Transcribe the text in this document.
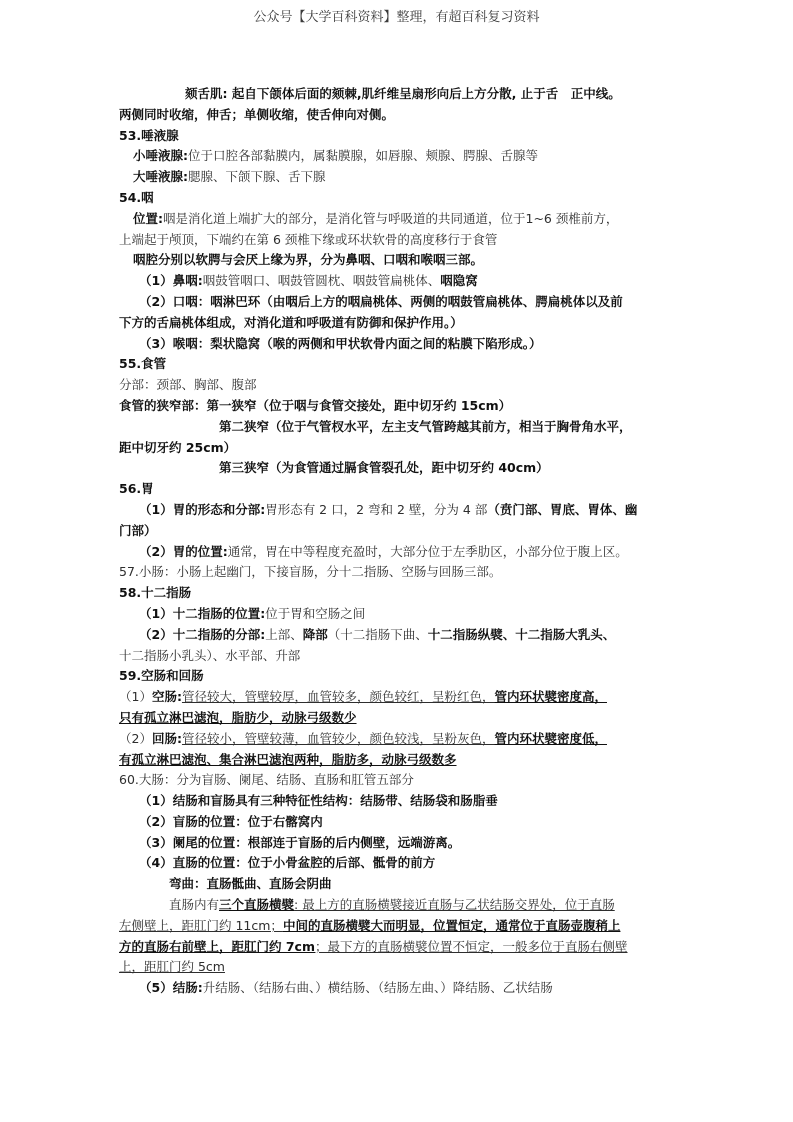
公众号【大学百科资料】整理，有超百科复习资料

颏舌肌: 起自下颌体后面的颏棘,肌纤维呈扇形向后上方分散, 止于舌　正中线。

两侧同时收缩，伸舌；单侧收缩，使舌伸向对侧。

53.唾液腺

小唾液腺:位于口腔各部黏膜内，属黏膜腺，如唇腺、颊腺、腭腺、舌腺等

大唾液腺:腮腺、下颌下腺、舌下腺

54.咽

位置:咽是消化道上端扩大的部分，是消化管与呼吸道的共同通道，位于1~6 颈椎前方，

上端起于颅顶，下端约在第 6 颈椎下缘或环状软骨的高度移行于食管

咽腔分别以软腭与会厌上缘为界，分为鼻咽、口咽和喉咽三部。

（1）鼻咽:咽鼓管咽口、咽鼓管圆枕、咽鼓管扁桃体、咽隐窝

（2）口咽：咽淋巴环（由咽后上方的咽扁桃体、两侧的咽鼓管扁桃体、腭扁桃体以及前

下方的舌扁桃体组成，对消化道和呼吸道有防御和保护作用。）

（3）喉咽：梨状隐窝（喉的两侧和甲状软骨内面之间的粘膜下陷形成。）

55.食管

分部：颈部、胸部、腹部

食管的狭窄部：第一狭窄（位于咽与食管交接处，距中切牙约 15cm）

第二狭窄（位于气管杈水平，左主支气管跨越其前方，相当于胸骨角水平，

距中切牙约 25cm）

第三狭窄（为食管通过膈食管裂孔处，距中切牙约 40cm）

56.胃

（1）胃的形态和分部:胃形态有 2 口，2 弯和 2 壁，分为 4 部（贲门部、胃底、胃体、幽

门部）

（2）胃的位置:通常，胃在中等程度充盈时，大部分位于左季肋区，小部分位于腹上区。

57.小肠：小肠上起幽门，下接盲肠，分十二指肠、空肠与回肠三部。

58.十二指肠

（1）十二指肠的位置:位于胃和空肠之间

（2）十二指肠的分部:上部、降部（十二指肠下曲、十二指肠纵襞、十二指肠大乳头、

十二指肠小乳头）、水平部、升部

59.空肠和回肠

（1）空肠:管径较大，管壁较厚，血管较多，颜色较红，呈粉红色，管内环状襞密度高，

只有孤立淋巴滤泡，脂肪少，动脉弓级数少

（2）回肠:管径较小，管壁较薄，血管较少，颜色较浅，呈粉灰色，管内环状襞密度低，

有孤立淋巴滤泡、集合淋巴滤泡两种，脂肪多，动脉弓级数多

60.大肠：分为盲肠、阑尾、结肠、直肠和肛管五部分

（1）结肠和盲肠具有三种特征性结构：结肠带、结肠袋和肠脂垂

（2）盲肠的位置：位于右髂窝内

（3）阑尾的位置：根部连于盲肠的后内侧壁，远端游离。

（4）直肠的位置：位于小骨盆腔的后部、骶骨的前方

弯曲：直肠骶曲、直肠会阴曲

直肠内有三个直肠横襞: 最上方的直肠横襞接近直肠与乙状结肠交界处，位于直肠

左侧壁上，距肛门约 11cm；中间的直肠横襞大而明显，位置恒定，通常位于直肠壶腹稍上

方的直肠右前壁上，距肛门约 7cm；最下方的直肠横襞位置不恒定，一般多位于直肠右侧壁

上，距肛门约 5cm

（5）结肠:升结肠、（结肠右曲、）横结肠、（结肠左曲、）降结肠、乙状结肠
